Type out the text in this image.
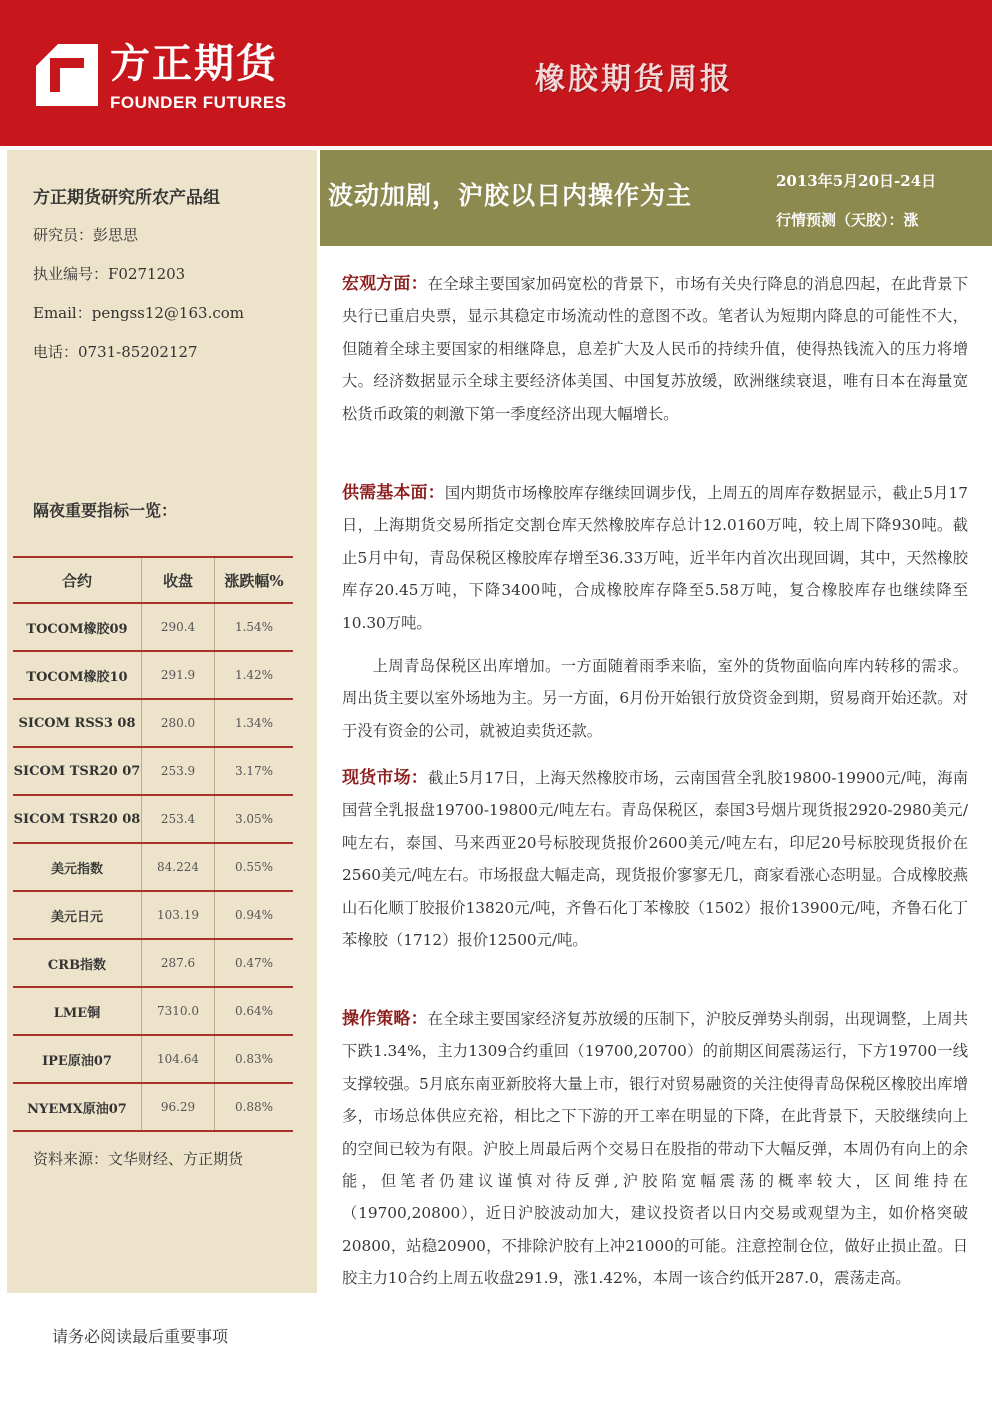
方正期货
FOUNDER FUTURES
橡胶期货周报
方正期货研究所农产品组
研究员：彭思思
执业编号：F0271203
Email：pengss12@163.com
电话：0731-85202127
隔夜重要指标一览：
合约	收盘	涨跌幅%
TOCOM橡胶09	290.4	1.54%
TOCOM橡胶10	291.9	1.42%
SICOM RSS3 08	280.0	1.34%
SICOM TSR20 07	253.9	3.17%
SICOM TSR20 08	253.4	3.05%
美元指数	84.224	0.55%
美元日元	103.19	0.94%
CRB指数	287.6	0.47%
LME铜	7310.0	0.64%
IPE原油07	104.64	0.83%
NYEMX原油07	96.29	0.88%
资料来源：文华财经、方正期货
波动加剧，沪胶以日内操作为主	2013年5月20日-24日
行情预测（天胶）：涨

宏观方面：在全球主要国家加码宽松的背景下，市场有关央行降息的消息四起，在此背景下央行已重启央票，显示其稳定市场流动性的意图不改。笔者认为短期内降息的可能性不大，但随着全球主要国家的相继降息，息差扩大及人民币的持续升值，使得热钱流入的压力将增大。经济数据显示全球主要经济体美国、中国复苏放缓，欧洲继续衰退，唯有日本在海量宽松货币政策的刺激下第一季度经济出现大幅增长。

供需基本面：国内期货市场橡胶库存继续回调步伐，上周五的周库存数据显示，截止5月17日，上海期货交易所指定交割仓库天然橡胶库存总计12.0160万吨，较上周下降930吨。截止5月中旬，青岛保税区橡胶库存增至36.33万吨，近半年内首次出现回调，其中，天然橡胶库存20.45万吨，下降3400吨，合成橡胶库存降至5.58万吨，复合橡胶库存也继续降至10.30万吨。

上周青岛保税区出库增加。一方面随着雨季来临，室外的货物面临向库内转移的需求。周出货主要以室外场地为主。另一方面，6月份开始银行放贷资金到期，贸易商开始还款。对于没有资金的公司，就被迫卖货还款。

现货市场：截止5月17日，上海天然橡胶市场，云南国营全乳胶19800-19900元/吨，海南国营全乳报盘19700-19800元/吨左右。青岛保税区，泰国3号烟片现货报2920-2980美元/吨左右，泰国、马来西亚20号标胶现货报价2600美元/吨左右，印尼20号标胶现货报价在2560美元/吨左右。市场报盘大幅走高，现货报价寥寥无几，商家看涨心态明显。合成橡胶燕山石化顺丁胶报价13820元/吨，齐鲁石化丁苯橡胶（1502）报价13900元/吨，齐鲁石化丁苯橡胶（1712）报价12500元/吨。

操作策略：在全球主要国家经济复苏放缓的压制下，沪胶反弹势头削弱，出现调整，上周共下跌1.34%，主力1309合约重回（19700,20700）的前期区间震荡运行，下方19700一线支撑较强。5月底东南亚新胶将大量上市，银行对贸易融资的关注使得青岛保税区橡胶出库增多，市场总体供应充裕，相比之下下游的开工率在明显的下降，在此背景下，天胶继续向上的空间已较为有限。沪胶上周最后两个交易日在股指的带动下大幅反弹，本周仍有向上的余能，但笔者仍建议谨慎对待反弹,沪胶陷宽幅震荡的概率较大，区间维持在（19700,20800），近日沪胶波动加大，建议投资者以日内交易或观望为主，如价格突破20800，站稳20900，不排除沪胶有上冲21000的可能。注意控制仓位，做好止损止盈。日胶主力10合约上周五收盘291.9，涨1.42%，本周一该合约低开287.0，震荡走高。

请务必阅读最后重要事项
